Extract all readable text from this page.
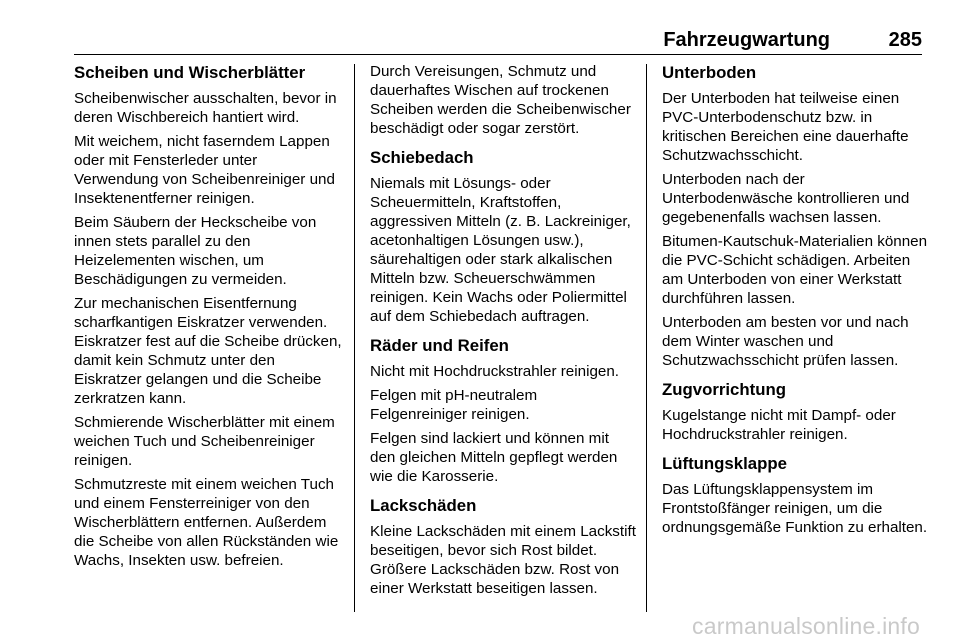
Fahrzeugwartung	285
Scheiben und Wischerblätter

Scheibenwischer ausschalten, bevor in deren Wischbereich hantiert wird.

Mit weichem, nicht faserndem Lappen oder mit Fensterleder unter Verwendung von Scheibenreiniger und Insektenentferner reinigen.

Beim Säubern der Heckscheibe von innen stets parallel zu den Heizelementen wischen, um Beschädigungen zu vermeiden.

Zur mechanischen Eisentfernung scharfkantigen Eiskratzer verwenden. Eiskratzer fest auf die Scheibe drücken, damit kein Schmutz unter den Eiskratzer gelangen und die Scheibe zerkratzen kann.

Schmierende Wischerblätter mit einem weichen Tuch und Scheibenreiniger reinigen.

Schmutzreste mit einem weichen Tuch und einem Fensterreiniger von den Wischerblättern entfernen. Außerdem die Scheibe von allen Rückständen wie Wachs, Insekten usw. befreien.

Durch Vereisungen, Schmutz und dauerhaftes Wischen auf trockenen Scheiben werden die Scheibenwischer beschädigt oder sogar zerstört.

Schiebedach

Niemals mit Lösungs- oder Scheuermitteln, Kraftstoffen, aggressiven Mitteln (z. B. Lackreiniger, acetonhaltigen Lösungen usw.), säurehaltigen oder stark alkalischen Mitteln bzw. Scheuerschwämmen reinigen. Kein Wachs oder Poliermittel auf dem Schiebedach auftragen.

Räder und Reifen

Nicht mit Hochdruckstrahler reinigen.

Felgen mit pH-neutralem Felgenreiniger reinigen.

Felgen sind lackiert und können mit den gleichen Mitteln gepflegt werden wie die Karosserie.

Lackschäden

Kleine Lackschäden mit einem Lackstift beseitigen, bevor sich Rost bildet. Größere Lackschäden bzw. Rost von einer Werkstatt beseitigen lassen.

Unterboden

Der Unterboden hat teilweise einen PVC-Unterbodenschutz bzw. in kritischen Bereichen eine dauerhafte Schutzwachsschicht.

Unterboden nach der Unterbodenwäsche kontrollieren und gegebenenfalls wachsen lassen.

Bitumen-Kautschuk-Materialien können die PVC-Schicht schädigen. Arbeiten am Unterboden von einer Werkstatt durchführen lassen.

Unterboden am besten vor und nach dem Winter waschen und Schutzwachsschicht prüfen lassen.

Zugvorrichtung

Kugelstange nicht mit Dampf- oder Hochdruckstrahler reinigen.

Lüftungsklappe

Das Lüftungsklappensystem im Frontstoßfänger reinigen, um die ordnungsgemäße Funktion zu erhalten.

carmanualsonline.info
